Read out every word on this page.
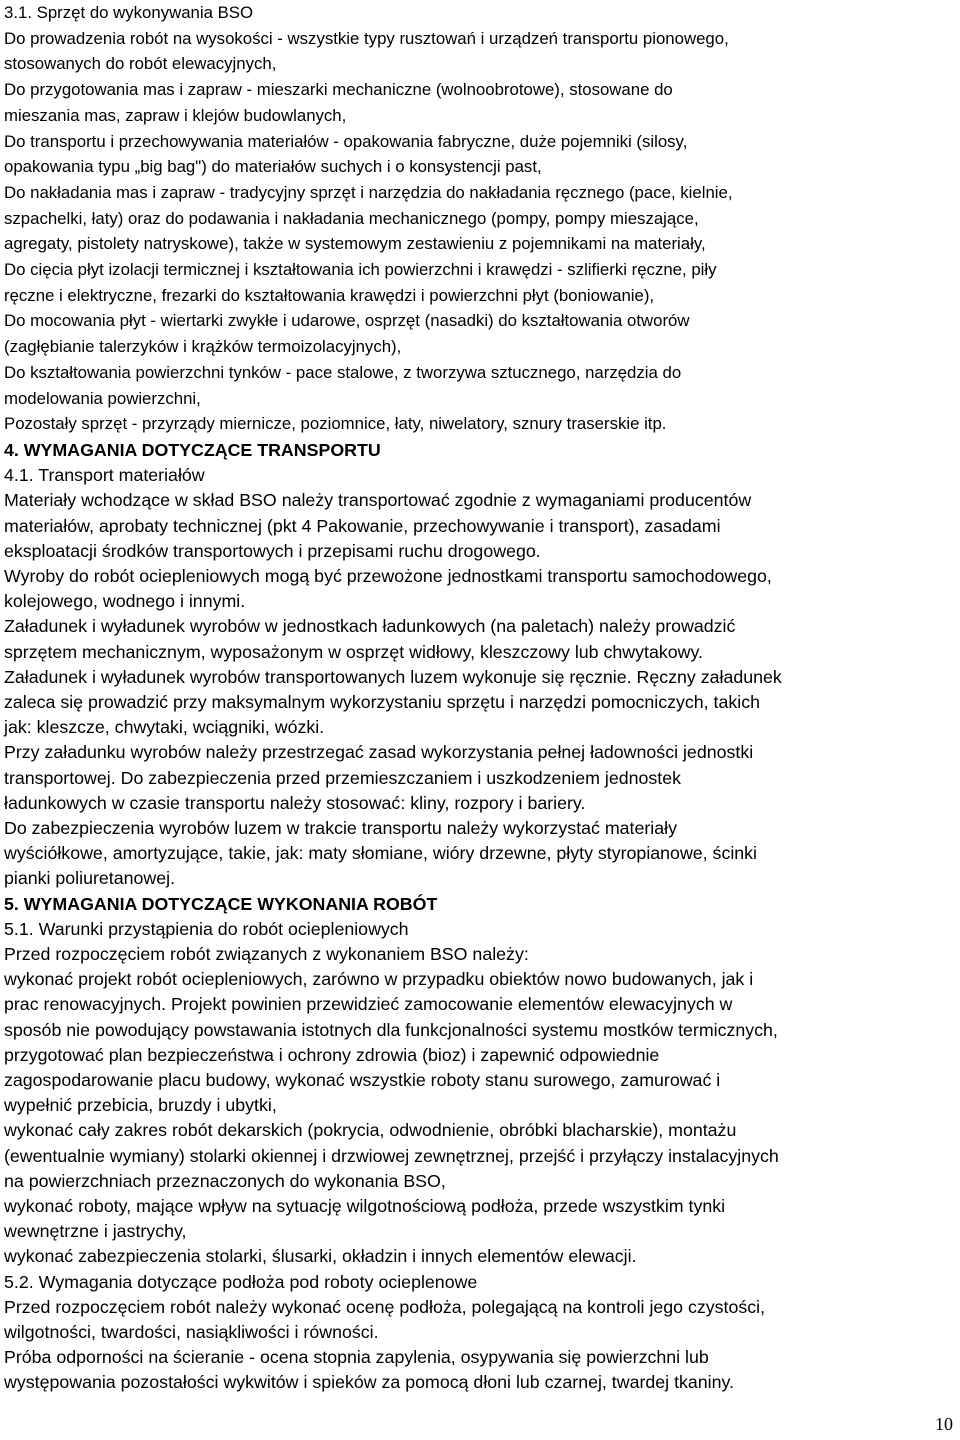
3.1. Sprzęt do wykonywania BSO
Do prowadzenia robót na wysokości - wszystkie typy rusztowań i urządzeń transportu pionowego,
stosowanych do robót elewacyjnych,
Do przygotowania mas i zapraw - mieszarki mechaniczne (wolnoobrotowe), stosowane do
mieszania mas, zapraw i klejów budowlanych,
Do transportu i przechowywania materiałów - opakowania fabryczne, duże pojemniki (silosy,
opakowania typu „big bag") do materiałów suchych i o konsystencji past,
Do nakładania mas i zapraw - tradycyjny sprzęt i narzędzia do nakładania ręcznego (pace, kielnie,
szpachelki, łaty) oraz do podawania i nakładania mechanicznego (pompy, pompy mieszające,
agregaty, pistolety natryskowe), także w systemowym zestawieniu z pojemnikami na materiały,
Do cięcia płyt izolacji termicznej i kształtowania ich powierzchni i krawędzi - szlifierki ręczne, piły
ręczne i elektryczne, frezarki do kształtowania krawędzi i powierzchni płyt (boniowanie),
Do mocowania płyt - wiertarki zwykłe i udarowe, osprzęt (nasadki) do kształtowania otworów
(zagłębianie talerzyków i krążków termoizolacyjnych),
Do kształtowania powierzchni tynków - pace stalowe, z tworzywa sztucznego, narzędzia do
modelowania powierzchni,
Pozostały sprzęt - przyrządy miernicze, poziomnice, łaty, niwelatory, sznury traserskie itp.
4. WYMAGANIA DOTYCZĄCE TRANSPORTU
4.1. Transport materiałów
Materiały wchodzące w skład BSO należy transportować zgodnie z wymaganiami producentów
materiałów, aprobaty technicznej (pkt 4 Pakowanie, przechowywanie i transport), zasadami
eksploatacji środków transportowych i przepisami ruchu drogowego.
Wyroby do robót ociepleniowych mogą być przewożone jednostkami transportu samochodowego,
kolejowego, wodnego i innymi.
Załadunek i wyładunek wyrobów w jednostkach ładunkowych (na paletach) należy prowadzić
sprzętem mechanicznym, wyposażonym w osprzęt widłowy, kleszczowy lub chwytakowy.
Załadunek i wyładunek wyrobów transportowanych luzem wykonuje się ręcznie. Ręczny załadunek
zaleca się prowadzić przy maksymalnym wykorzystaniu sprzętu i narzędzi pomocniczych, takich
jak: kleszcze, chwytaki, wciągniki, wózki.
Przy załadunku wyrobów należy przestrzegać zasad wykorzystania pełnej ładowności jednostki
transportowej. Do zabezpieczenia przed przemieszczaniem i uszkodzeniem jednostek
ładunkowych w czasie transportu należy stosować: kliny, rozpory i bariery.
Do zabezpieczenia wyrobów luzem w trakcie transportu należy wykorzystać materiały
wyściółkowe, amortyzujące, takie, jak: maty słomiane, wióry drzewne, płyty styropianowe, ścinki
pianki poliuretanowej.
5. WYMAGANIA DOTYCZĄCE WYKONANIA ROBÓT
5.1. Warunki przystąpienia do robót ociepleniowych
Przed rozpoczęciem robót związanych z wykonaniem BSO należy:
wykonać projekt robót ociepleniowych, zarówno w przypadku obiektów nowo budowanych, jak i
prac renowacyjnych. Projekt powinien przewidzieć zamocowanie elementów elewacyjnych w
sposób nie powodujący powstawania istotnych dla funkcjonalności systemu mostków termicznych,
przygotować plan bezpieczeństwa i ochrony zdrowia (bioz) i zapewnić odpowiednie
zagospodarowanie placu budowy, wykonać wszystkie roboty stanu surowego, zamurować i
wypełnić przebicia, bruzdy i ubytki,
wykonać cały zakres robót dekarskich (pokrycia, odwodnienie, obróbki blacharskie), montażu
(ewentualnie wymiany) stolarki okiennej i drzwiowej zewnętrznej, przejść i przyłączy instalacyjnych
na powierzchniach przeznaczonych do wykonania BSO,
wykonać roboty, mające wpływ na sytuację wilgotnościową podłoża, przede wszystkim tynki
wewnętrzne i jastrychy,
wykonać zabezpieczenia stolarki, ślusarki, okładzin i innych elementów elewacji.
5.2. Wymagania dotyczące podłoża pod roboty ocieplenowe
Przed rozpoczęciem robót należy wykonać ocenę podłoża, polegającą na kontroli jego czystości,
wilgotności, twardości, nasiąkliwości i równości.
Próba odporności na ścieranie - ocena stopnia zapylenia, osypywania się powierzchni lub
występowania pozostałości wykwitów i spieków za pomocą dłoni lub czarnej, twardej tkaniny.
10
